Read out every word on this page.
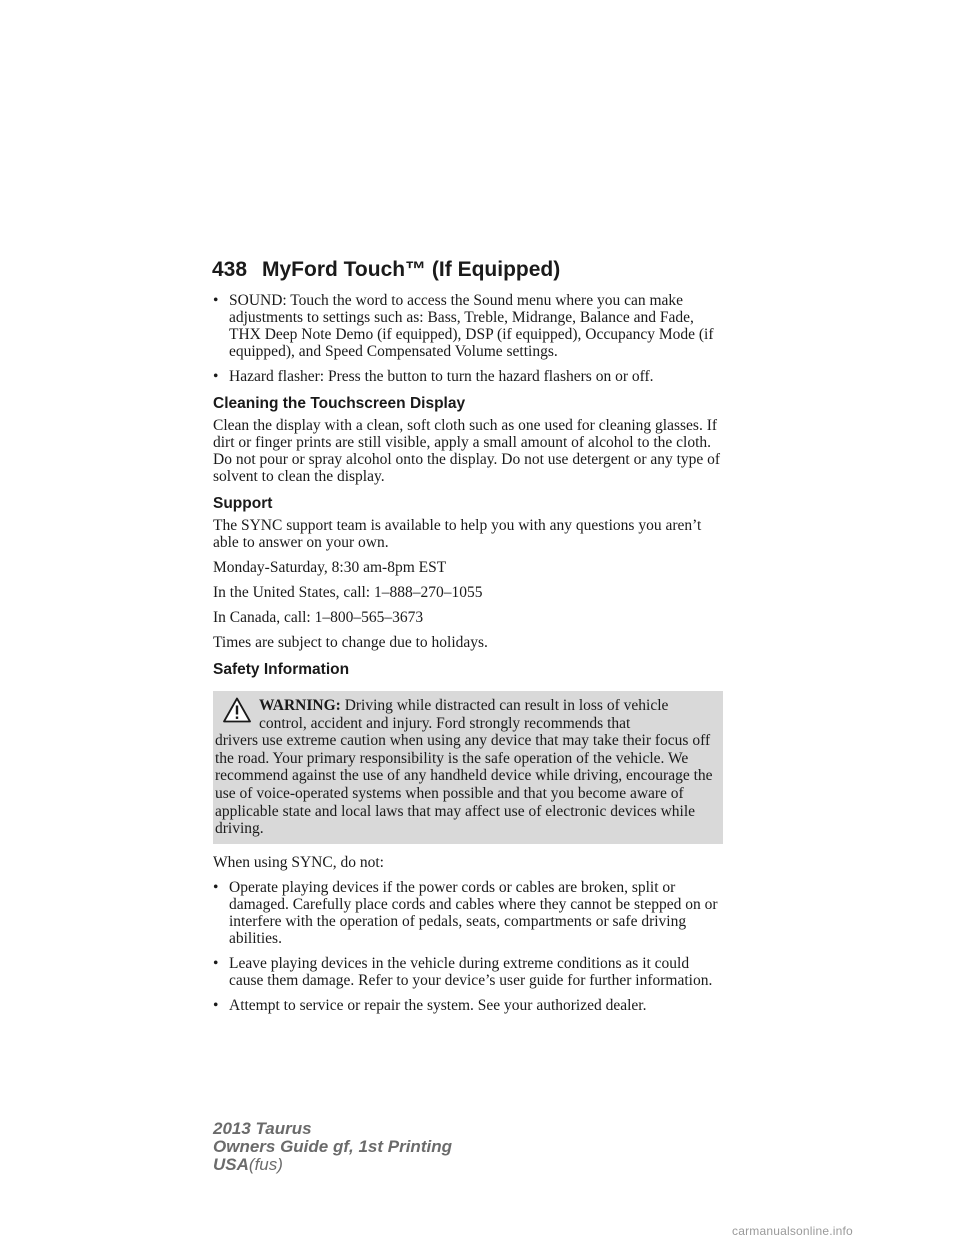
438 MyFord Touch™ (If Equipped)
• SOUND: Touch the word to access the Sound menu where you can make adjustments to settings such as: Bass, Treble, Midrange, Balance and Fade, THX Deep Note Demo (if equipped), DSP (if equipped), Occupancy Mode (if equipped), and Speed Compensated Volume settings.
• Hazard flasher: Press the button to turn the hazard flashers on or off.
Cleaning the Touchscreen Display

Clean the display with a clean, soft cloth such as one used for cleaning glasses. If dirt or finger prints are still visible, apply a small amount of alcohol to the cloth. Do not pour or spray alcohol onto the display. Do not use detergent or any type of solvent to clean the display.

Support

The SYNC support team is available to help you with any questions you aren’t able to answer on your own.

Monday-Saturday, 8:30 am-8pm EST

In the United States, call: 1–888–270–1055

In Canada, call: 1–800–565–3673

Times are subject to change due to holidays.

Safety Information
WARNING: Driving while distracted can result in loss of vehicle control, accident and injury. Ford strongly recommends that
drivers use extreme caution when using any device that may take their focus off the road. Your primary responsibility is the safe operation of the vehicle. We recommend against the use of any handheld device while driving, encourage the use of voice-operated systems when possible and that you become aware of applicable state and local laws that may affect use of electronic devices while driving.

When using SYNC, do not:

• Operate playing devices if the power cords or cables are broken, split or damaged. Carefully place cords and cables where they cannot be stepped on or interfere with the operation of pedals, seats, compartments or safe driving abilities.
• Leave playing devices in the vehicle during extreme conditions as it could cause them damage. Refer to your device’s user guide for further information.
• Attempt to service or repair the system. See your authorized dealer.
2013 Taurus
Owners Guide gf, 1st Printing
USA(fus)
carmanualsonline.info
